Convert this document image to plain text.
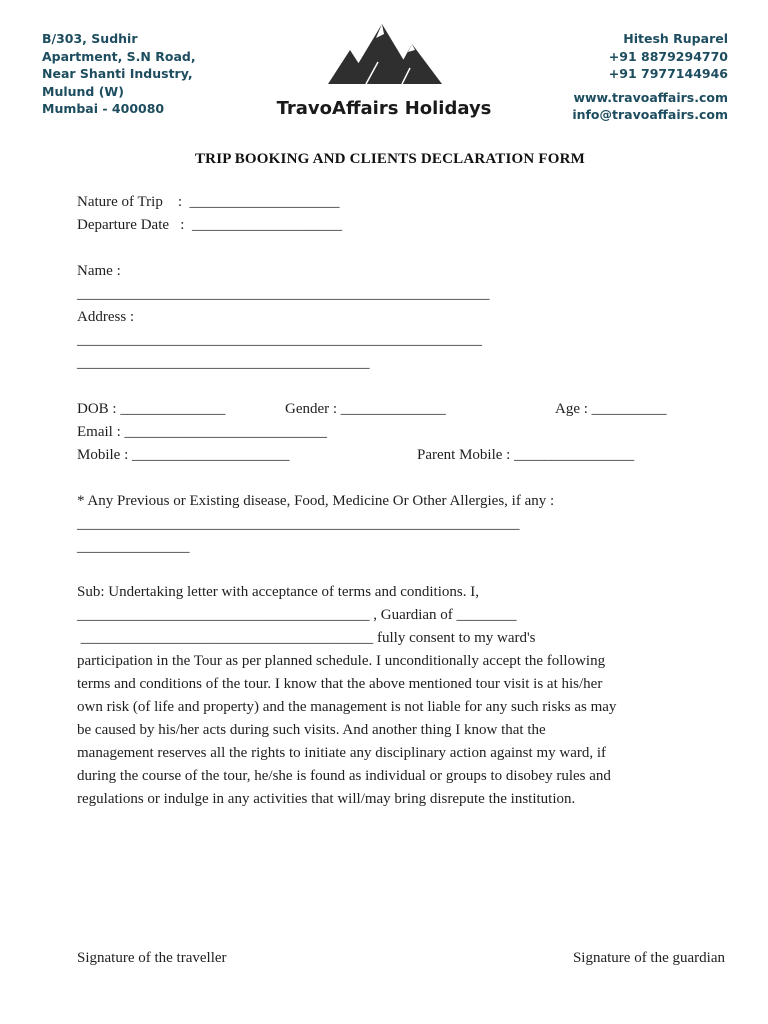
B/303, Sudhir
Apartment, S.N Road,
Near Shanti Industry,
Mulund (W)
Mumbai - 400080	TravoAffairs Holidays
Hitesh Ruparel
+91 8879294770
+91 7977144946
www.travoaffairs.com
info@travoaffairs.com
TRIP BOOKING AND CLIENTS DECLARATION FORM
Nature of Trip    :  ____________________
Departure Date   :  ____________________
Name :
_______________________________________________________
Address :
______________________________________________________
_______________________________________
DOB : ______________	Gender : ______________	Age : __________
Email : ___________________________
Mobile : _____________________	Parent Mobile : ________________
* Any Previous or Existing disease, Food, Medicine Or Other Allergies, if any :
___________________________________________________________
_______________
Sub: Undertaking letter with acceptance of terms and conditions. I,
_______________________________________ , Guardian of ________
_______________________________________ fully consent to my ward's
participation in the Tour as per planned schedule. I unconditionally accept the following
terms and conditions of the tour. I know that the above mentioned tour visit is at his/her
own risk (of life and property) and the management is not liable for any such risks as may
be caused by his/her acts during such visits. And another thing I know that the
management reserves all the rights to initiate any disciplinary action against my ward, if
during the course of the tour, he/she is found as individual or groups to disobey rules and
regulations or indulge in any activities that will/may bring disrepute the institution.
Signature of the traveller	Signature of the guardian
